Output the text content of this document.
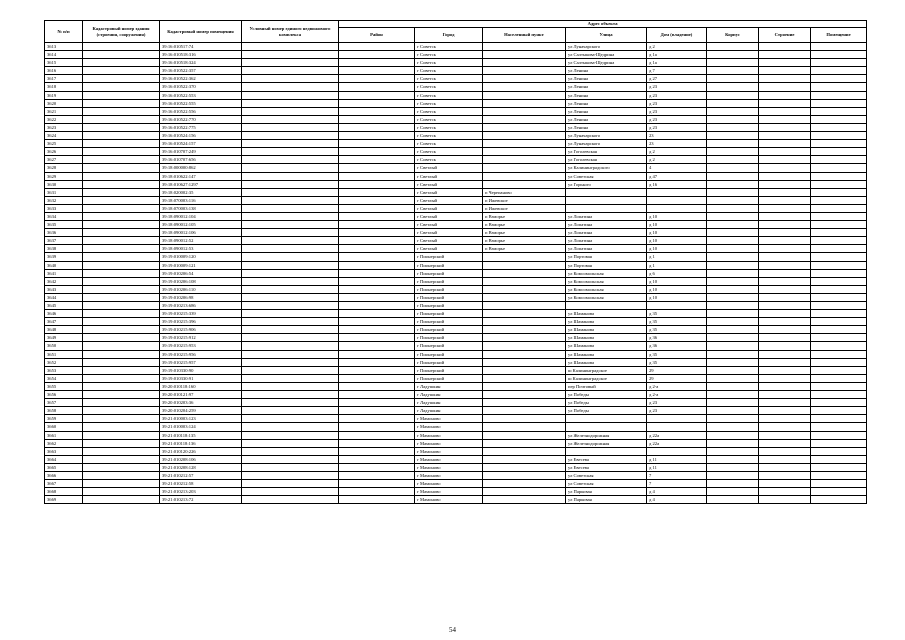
№ п/п	Кадастровый номер здания (строения, сооружения)	Кадастровый номер помещения	Условный номер единого недвижимого комплекса	Адрес объекта							
				Район	Город	Населенный пункт	Улица	Дом (владение)	Корпус	Строение	Помещение
3613		39:16:010517:74			г Советск		ул Луначарского	д 2			
3614		39:16:010518:316			г Советск		ул Салтыкова-Щедрина	д 1а			
3615		39:16:010518:324			г Советск		ул Салтыкова-Щедрина	д 1а			
3616		39:16:010522:357			г Советск		ул Ленина	д 7			
3617		39:16:010522:362			г Советск		ул Ленина	д 27			
3618		39:16:010522:370			г Советск		ул Ленина	д 23			
3619		39:16:010522:553			г Советск		ул Ленина	д 23			
3620		39:16:010522:555			г Советск		ул Ленина	д 23			
3621		39:16:010522:556			г Советск		ул Ленина	д 23			
3622		39:16:010522:770			г Советск		ул Ленина	д 23			
3623		39:16:010522:775			г Советск		ул Ленина	д 23			
3624		39:16:010524:156			г Советск		ул Луначарского	23			
3625		39:16:010524:157			г Советск		ул Луначарского	23			
3626		39:16:010707:249			г Советск		ул Гоголевская	д 2			
3627		39:16:010707:656			г Советск		ул Гоголевская	д 2			
3628		39:18:000000:862			г Светлый		ул Калининградского	4			
3629		39:18:010622:147			г Светлый		ул Советская	д 47			
3630		39:18:010627:1297			г Светлый		ул Горького	д 16			
3631		39:18:020002:35			г Светлый	п Черепаново					
3632		39:18:070003:116			г Светлый	п Ижевское					
3633		39:18:070003:138			г Светлый	п Ижевское					
3634		39:18:090012:104			г Светлый	п Взморье	ул Лопатина	д 10			
3635		39:18:090012:105			г Светлый	п Взморье	ул Лопатина	д 10			
3636		39:18:090012:106			г Светлый	п Взморье	ул Лопатина	д 10			
3637		39:18:090012:52			г Светлый	п Взморье	ул Лопатина	д 10			
3638		39:18:090012:53			г Светлый	п Взморье	ул Лопатина	д 10			
3639		39:19:010009:120			г Пионерский		ул Портовая	д 1			
3640		39:19:010009:121			г Пионерский		ул Портовая	д 1			
3641		39:19:010206:54			г Пионерский		ул Комсомольская	д 6			
3642		39:19:010206:108			г Пионерский		ул Комсомольская	д 10			
3643		39:19:010206:110			г Пионерский		ул Комсомольская	д 10			
3644		39:19:010206:98			г Пионерский		ул Комсомольская	д 10			
3645		39:19:010213:686			г Пионерский						
3646		39:19:010215:339			г Пионерский		ул Шаманова	д 35			
3647		39:19:010215:396			г Пионерский		ул Шаманова	д 35			
3648		39:19:010215:906			г Пионерский		ул Шаманова	д 35			
3649		39:19:010215:912			г Пионерский		ул Шаманова	д 36			
3650		39:19:010215:953			г Пионерский		ул Шаманова	д 36			
3651		39:19:010215:956			г Пионерский		ул Шаманова	д 35			
3652		39:19:010215:957			г Пионерский		ул Шаманова	д 35			
3653		39:19:010330:90			г Пионерский		ш Калининградское	29			
3654		39:19:010330:91			г Пионерский		ш Калининградское	29			
3655		39:20:010118:160			г Ладушкин		пер Почтовый	д 2-а			
3656		39:20:010121:97			г Ладушкин		ул Победы	д 2-а			
3657		39:20:010203:36			г Ладушкин		ул Победы	д 23			
3658		39:20:010204:259			г Ладушкин		ул Победы	д 23			
3659		39:21:010003:123			г Мамоново						
3660		39:21:010003:124			г Мамоново						
3661		39:21:010118:135			г Мамоново		ул Железнодорожная	д 22а			
3662		39:21:010118:136			г Мамоново		ул Железнодорожная	д 22а			
3663		39:21:010120:226			г Мамоново						
3664		39:21:010208:106			г Мамоново		ул Евесева	д 11			
3665		39:21:010208:128			г Мамоново		ул Евесева	д 11			
3666		39:21:010212:57			г Мамоново		ул Советская	7			
3667		39:21:010212:58			г Мамоново		ул Советская	7			
3668		39:21:010213:203			г Мамоново		ул Парковая	д 4			
3669		39:21:010213:72			г Мамоново		ул Парковая	д 4			
54
